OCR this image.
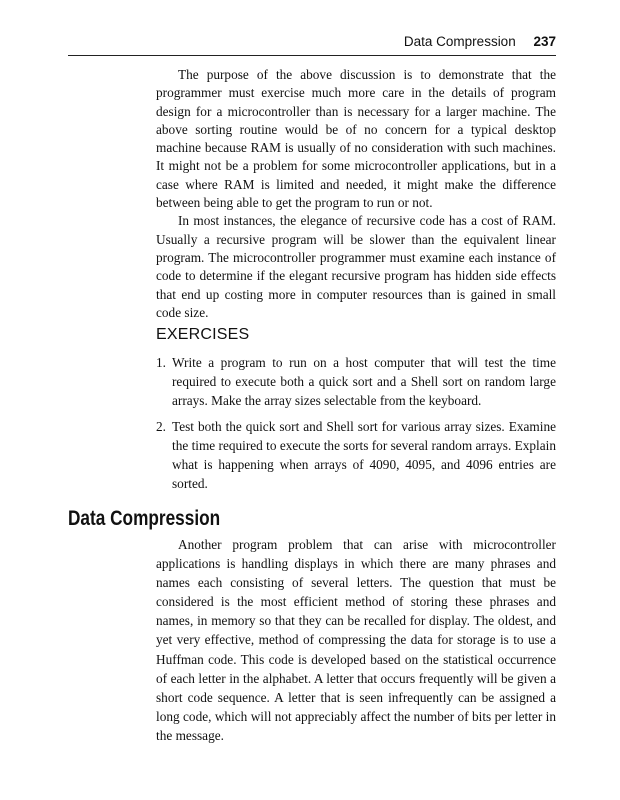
Data Compression 237

The purpose of the above discussion is to demonstrate that the programmer must exercise much more care in the details of program design for a microcontroller than is necessary for a larger machine. The above sorting routine would be of no concern for a typical desktop machine because RAM is usually of no consideration with such machines. It might not be a problem for some microcontroller applications, but in a case where RAM is limited and needed, it might make the difference between being able to get the program to run or not.

In most instances, the elegance of recursive code has a cost of RAM. Usually a recursive program will be slower than the equivalent linear program. The microcontroller programmer must examine each instance of code to determine if the elegant recursive program has hidden side effects that end up costing more in computer resources than is gained in small code size.

EXERCISES
1. Write a program to run on a host computer that will test the time required to execute both a quick sort and a Shell sort on random large arrays. Make the array sizes selectable from the keyboard.
2. Test both the quick sort and Shell sort for various array sizes. Examine the time required to execute the sorts for several random arrays. Explain what is happening when arrays of 4090, 4095, and 4096 entries are sorted.
Data Compression

Another program problem that can arise with microcontroller applications is handling displays in which there are many phrases and names each consisting of several letters. The question that must be considered is the most efficient method of storing these phrases and names, in memory so that they can be recalled for display. The oldest, and yet very effective, method of compressing the data for storage is to use a Huffman code. This code is developed based on the statistical occurrence of each letter in the alphabet. A letter that occurs frequently will be given a short code sequence. A letter that is seen infrequently can be assigned a long code, which will not appreciably affect the number of bits per letter in the message.
